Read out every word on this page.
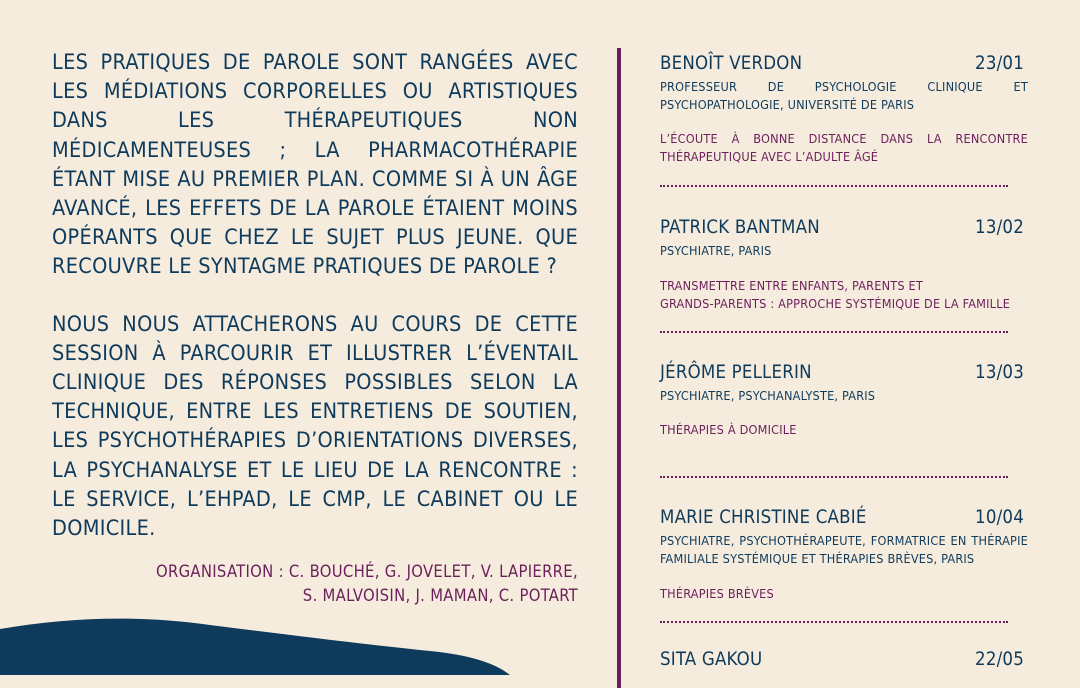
LES PRATIQUES DE PAROLE SONT RANGÉES AVEC LES MÉDIATIONS CORPORELLES OU ARTISTIQUES DANS LES THÉRAPEUTIQUES NON MÉDICAMENTEUSES ; LA PHARMACOTHÉRAPIE ÉTANT MISE AU PREMIER PLAN. COMME SI À UN ÂGE AVANCÉ, LES EFFETS DE LA PAROLE ÉTAIENT MOINS OPÉRANTS QUE CHEZ LE SUJET PLUS JEUNE. QUE RECOUVRE LE SYNTAGME PRATIQUES DE PAROLE ?

NOUS NOUS ATTACHERONS AU COURS DE CETTE SESSION À PARCOURIR ET ILLUSTRER L’ÉVENTAIL CLINIQUE DES RÉPONSES POSSIBLES SELON LA TECHNIQUE, ENTRE LES ENTRETIENS DE SOUTIEN, LES PSYCHOTHÉRAPIES D’ORIENTATIONS DIVERSES, LA PSYCHANALYSE ET LE LIEU DE LA RENCONTRE : LE SERVICE, L’EHPAD, LE CMP, LE CABINET OU LE DOMICILE.

ORGANISATION : C. BOUCHÉ, G. JOVELET, V. LAPIERRE,
S. MALVOISIN, J. MAMAN, C. POTART
BENOÎT VERDON	23/01
PROFESSEUR DE PSYCHOLOGIE CLINIQUE ET PSYCHOPATHOLOGIE, UNIVERSITÉ DE PARIS
L’ÉCOUTE À BONNE DISTANCE DANS LA RENCONTRE THÉRAPEUTIQUE AVEC L’ADULTE ÂGÉ
PATRICK BANTMAN	13/02
PSYCHIATRE, PARIS
TRANSMETTRE ENTRE ENFANTS, PARENTS ET
GRANDS-PARENTS : APPROCHE SYSTÉMIQUE DE LA FAMILLE
JÉRÔME PELLERIN	13/03
PSYCHIATRE, PSYCHANALYSTE, PARIS
THÉRAPIES À DOMICILE
MARIE CHRISTINE CABIÉ	10/04
PSYCHIATRE, PSYCHOTHÉRAPEUTE, FORMATRICE EN THÉRAPIE FAMILIALE SYSTÉMIQUE ET THÉRAPIES BRÈVES, PARIS
THÉRAPIES BRÈVES
SITA GAKOU	22/05
